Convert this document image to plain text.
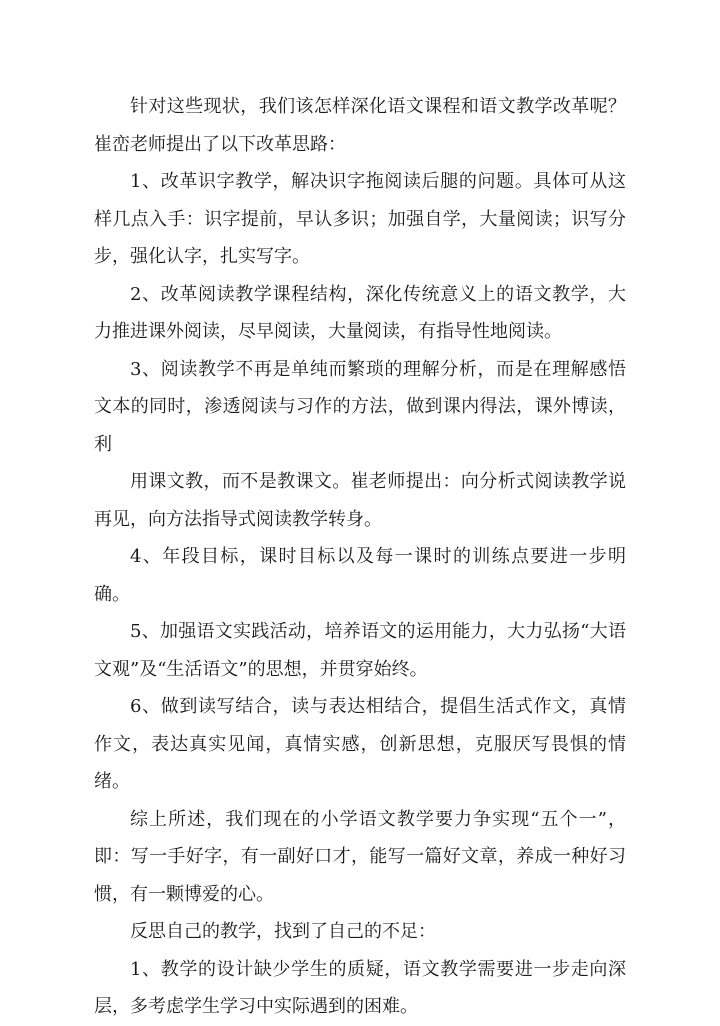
针对这些现状，我们该怎样深化语文课程和语文教学改革呢？崔峦老师提出了以下改革思路：

1、改革识字教学，解决识字拖阅读后腿的问题。具体可从这样几点入手：识字提前，早认多识；加强自学，大量阅读；识写分步，强化认字，扎实写字。

2、改革阅读教学课程结构，深化传统意义上的语文教学，大力推进课外阅读，尽早阅读，大量阅读，有指导性地阅读。

3、阅读教学不再是单纯而繁琐的理解分析，而是在理解感悟文本的同时，渗透阅读与习作的方法，做到课内得法，课外博读，利

用课文教，而不是教课文。崔老师提出：向分析式阅读教学说再见，向方法指导式阅读教学转身。

4、年段目标，课时目标以及每一课时的训练点要进一步明确。

5、加强语文实践活动，培养语文的运用能力，大力弘扬“大语文观”及“生活语文”的思想，并贯穿始终。

6、做到读写结合，读与表达相结合，提倡生活式作文，真情作文，表达真实见闻，真情实感，创新思想，克服厌写畏惧的情绪。

综上所述，我们现在的小学语文教学要力争实现“五个一”，即：写一手好字，有一副好口才，能写一篇好文章，养成一种好习惯，有一颗博爱的心。

反思自己的教学，找到了自己的不足：

1、教学的设计缺少学生的质疑，语文教学需要进一步走向深层，多考虑学生学习中实际遇到的困难。
